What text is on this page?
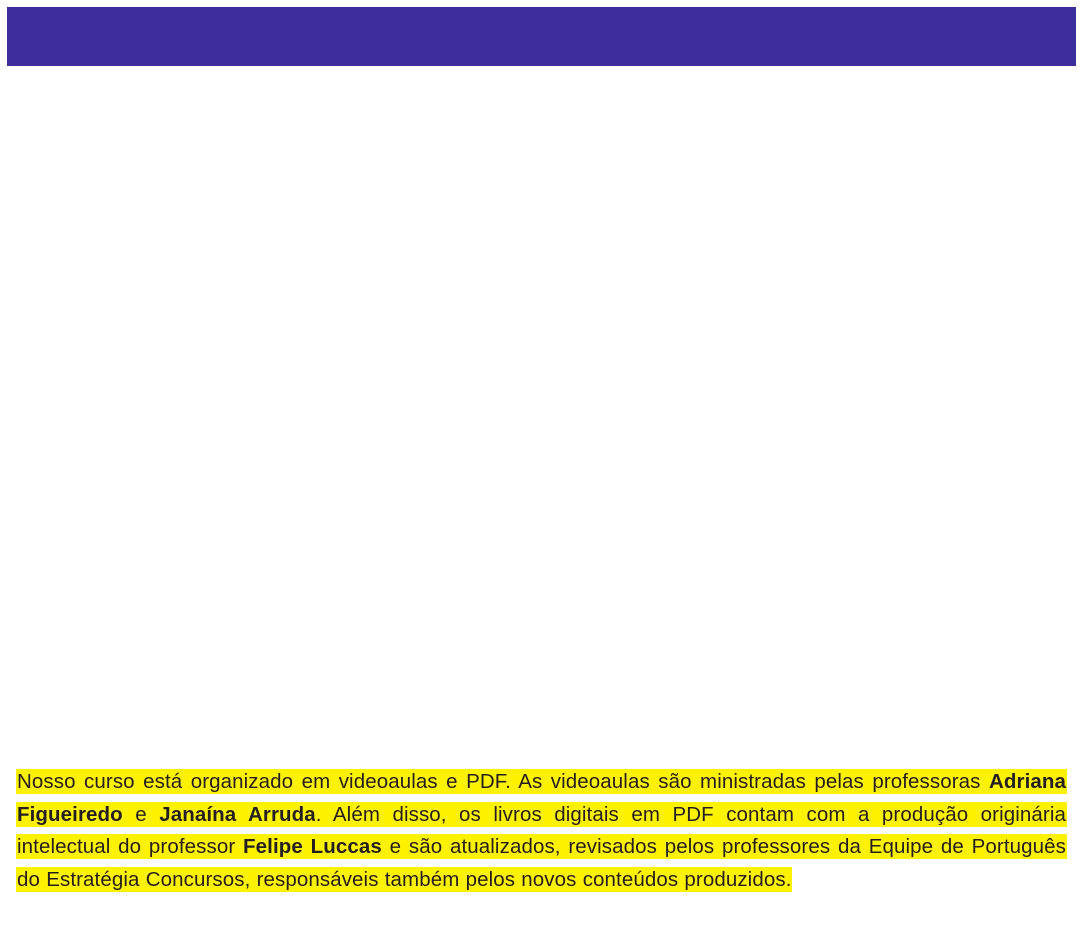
Nosso curso está organizado em videoaulas e PDF. As videoaulas são ministradas pelas professoras Adriana Figueiredo e Janaína Arruda. Além disso, os livros digitais em PDF contam com a produção originária intelectual do professor Felipe Luccas e são atualizados, revisados pelos professores da Equipe de Português do Estratégia Concursos, responsáveis também pelos novos conteúdos produzidos.
